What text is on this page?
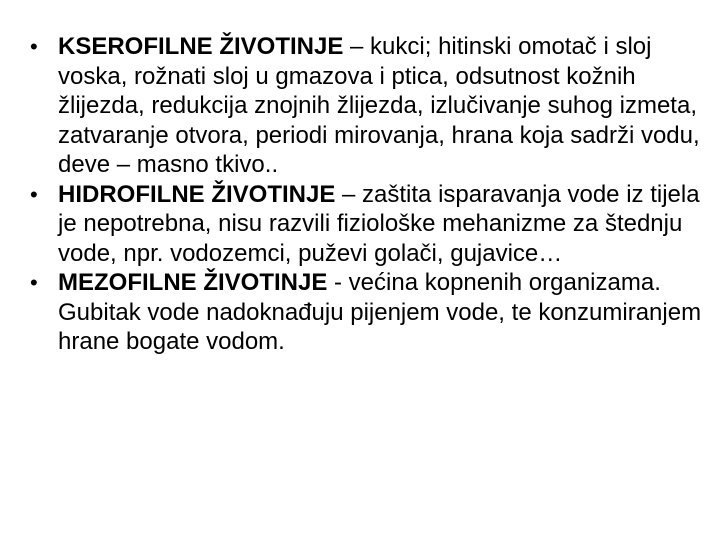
• KSEROFILNE ŽIVOTINJE – kukci; hitinski omotač i sloj voska, rožnati sloj u gmazova i ptica, odsutnost kožnih žlijezda, redukcija znojnih žlijezda, izlučivanje suhog izmeta, zatvaranje otvora, periodi mirovanja, hrana koja sadrži vodu, deve – masno tkivo..
• HIDROFILNE ŽIVOTINJE – zaštita isparavanja vode iz tijela je nepotrebna, nisu razvili fiziološke mehanizme za štednju vode, npr. vodozemci, puževi golači, gujavice…
• MEZOFILNE ŽIVOTINJE - većina kopnenih organizama. Gubitak vode nadoknađuju pijenjem vode, te konzumiranjem hrane bogate vodom.
